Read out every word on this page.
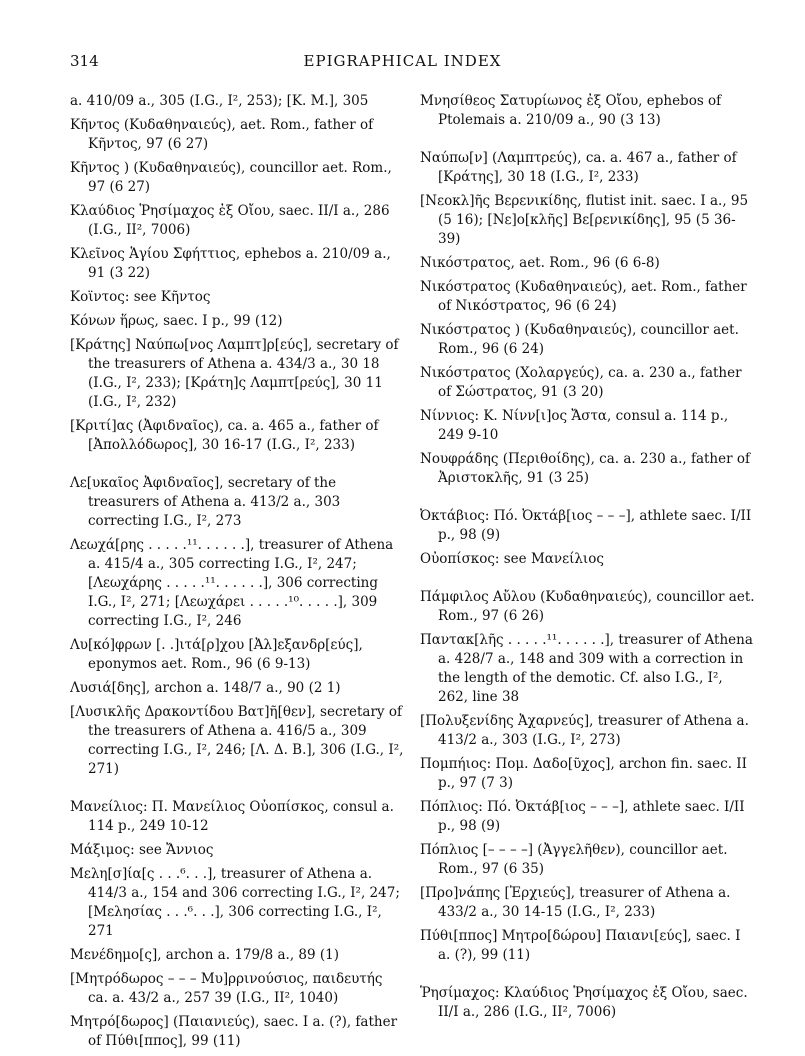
314	EPIGRAPHICAL INDEX

a. 410/09 a., 305 (I.G., I², 253); [K. M.], 305

Κῆντος (Κυδαθηναιεύς), aet. Rom., father of Κῆντος, 97 (6 27)

Κῆντος ) (Κυδαθηναιεύς), councillor aet. Rom., 97 (6 27)

Κλαύδιος Ῥησίμαχος ἐξ Οἴου, saec. II/I a., 286 (I.G., II², 7006)

Κλεῖνος Ἁγίου Σφήττιος, ephebos a. 210/09 a., 91 (3 22)

Κοϊντος: see Κῆντος

Κόνων ἥρως, saec. I p., 99 (12)

[Κράτης] Ναύπω[νος Λαμπτ]ρ[εύς], secretary of the treasurers of Athena a. 434/3 a., 30 18 (I.G., I², 233); [Κράτη]ς Λαμπτ[ρεύς], 30 11 (I.G., I², 232)

[Κριτί]ας (Ἀφιδναῖος), ca. a. 465 a., father of [Ἀπολλόδωρος], 30 16-17 (I.G., I², 233)

Λε[υκαῖος Ἀφιδναῖος], secretary of the treasurers of Athena a. 413/2 a., 303 correcting I.G., I², 273

Λεωχά[ρης . . . . .¹¹. . . . . .], treasurer of Athena a. 415/4 a., 305 correcting I.G., I², 247; [Λεωχάρης . . . . .¹¹. . . . . .], 306 correcting I.G., I², 271; [Λεωχάρει . . . . .¹⁰. . . . .], 309 correcting I.G., I², 246

Λυ[κό]φρων [. .]ιτά[ρ]χου [Ἀλ]εξανδρ[εύς], eponymos aet. Rom., 96 (6 9-13)

Λυσιά[δης], archon a. 148/7 a., 90 (2 1)

[Λυσικλῆς Δρακοντίδου Βατ]ῆ[θεν], secretary of the treasurers of Athena a. 416/5 a., 309 correcting I.G., I², 246; [Λ. Δ. Β.], 306 (I.G., I², 271)

Μανείλιος: Π. Μανείλιος Οὐοπίσκος, consul a. 114 p., 249 10-12

Μάξιμος: see Ἄννιος

Μελη[σ]ία[ς . . .⁶. . .], treasurer of Athena a. 414/3 a., 154 and 306 correcting I.G., I², 247; [Μελησίας . . .⁶. . .], 306 correcting I.G., I², 271

Μενέδημο[ς], archon a. 179/8 a., 89 (1)

[Μητρόδωρος – – – Μυ]ρρινούσιος, παιδευτής ca. a. 43/2 a., 257 39 (I.G., II², 1040)

Μητρό[δωρος] (Παιανιεύς), saec. I a. (?), father of Πύθι[ππος], 99 (11)

Μνησίθεος Σατυρίωνος ἐξ Οἴου, ephebos of Ptolemais a. 210/09 a., 90 (3 13)

Ναύπω[ν] (Λαμπτρεύς), ca. a. 467 a., father of [Κράτης], 30 18 (I.G., I², 233)

[Νεοκλ]ῆς Βερενικίδης, flutist init. saec. I a., 95 (5 16); [Νε]ο[κλῆς] Βε[ρενικίδης], 95 (5 36-39)

Νικόστρατος, aet. Rom., 96 (6 6-8)

Νικόστρατος (Κυδαθηναιεύς), aet. Rom., father of Νικόστρατος, 96 (6 24)

Νικόστρατος ) (Κυδαθηναιεύς), councillor aet. Rom., 96 (6 24)

Νικόστρατος (Χολαργεύς), ca. a. 230 a., father of Σώστρατος, 91 (3 20)

Νίννιος: Κ. Νίνν[ι]ος Ἄστα, consul a. 114 p., 249 9-10

Νουφράδης (Περιθοίδης), ca. a. 230 a., father of Ἀριστοκλῆς, 91 (3 25)

Ὀκτάβιος: Πό. Ὀκτάβ[ιος – – –], athlete saec. I/II p., 98 (9)

Οὐοπίσκος: see Μανείλιος

Πάμφιλος Αὔλου (Κυδαθηναιεύς), councillor aet. Rom., 97 (6 26)

Παντακ[λῆς . . . . .¹¹. . . . . .], treasurer of Athena a. 428/7 a., 148 and 309 with a correction in the length of the demotic. Cf. also I.G., I², 262, line 38

[Πολυξενίδης Ἀχαρνεύς], treasurer of Athena a. 413/2 a., 303 (I.G., I², 273)

Πομπήιος: Πομ. Δαδο[ῦχος], archon fin. saec. II p., 97 (7 3)

Πόπλιος: Πό. Ὀκτάβ[ιος – – –], athlete saec. I/II p., 98 (9)

Πόπλιος [– – – –] (Ἀγγελῆθεν), councillor aet. Rom., 97 (6 35)

[Προ]νάπης [Ἐρχιεύς], treasurer of Athena a. 433/2 a., 30 14-15 (I.G., I², 233)

Πύθι[ππος] Μητρο[δώρου] Παιανι[εύς], saec. I a. (?), 99 (11)

Ῥησίμαχος: Κλαύδιος Ῥησίμαχος ἐξ Οἴου, saec. II/I a., 286 (I.G., II², 7006)
